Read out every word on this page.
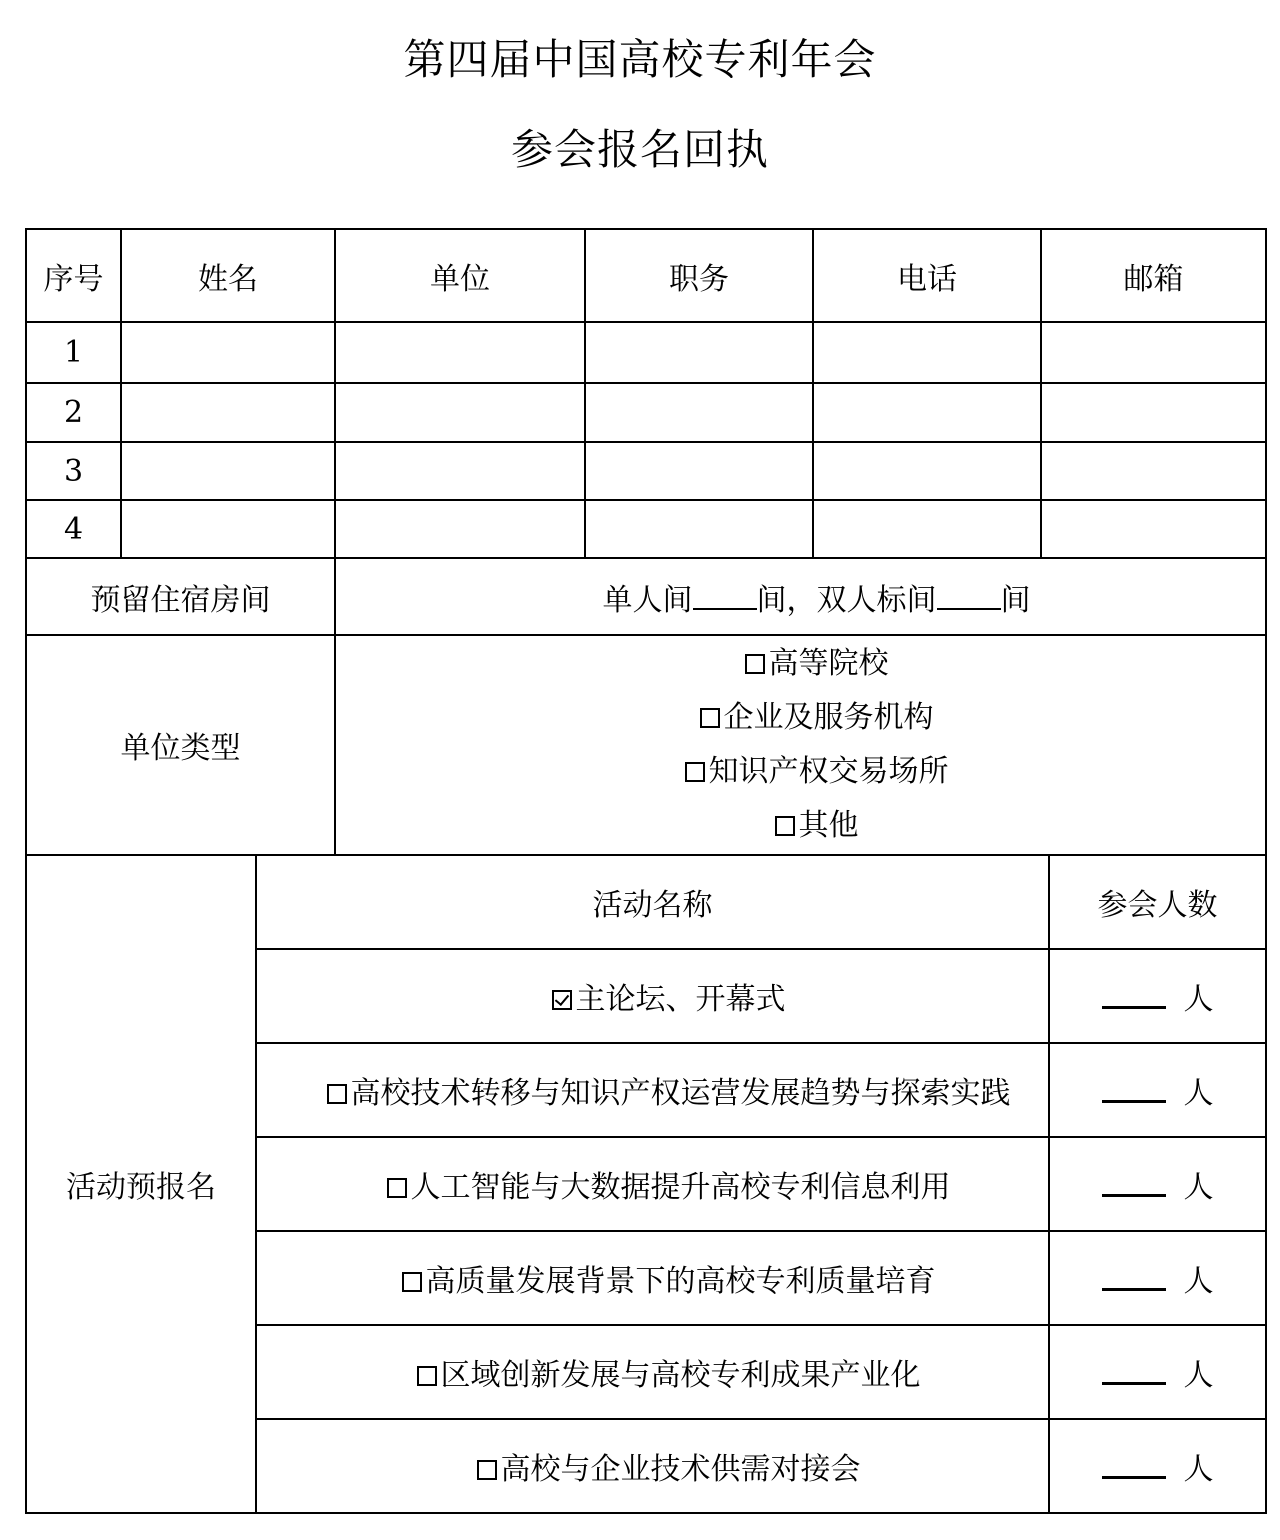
第四届中国高校专利年会
参会报名回执
序号	姓名		单位	职务	电话	邮箱	
1							
2							
3							
4							
预留住宿房间			单人间 间，双人标间 间				
单位类型			高等院校
企业及服务机构
知识产权交易场所
其他				

活动预报名		活动名称					参会人数
		主论坛、开幕式					人
		高校技术转移与知识产权运营发展趋势与探索实践					人
		人工智能与大数据提升高校专利信息利用					人
		高质量发展背景下的高校专利质量培育					人
		区域创新发展与高校专利成果产业化					人
		高校与企业技术供需对接会					人
